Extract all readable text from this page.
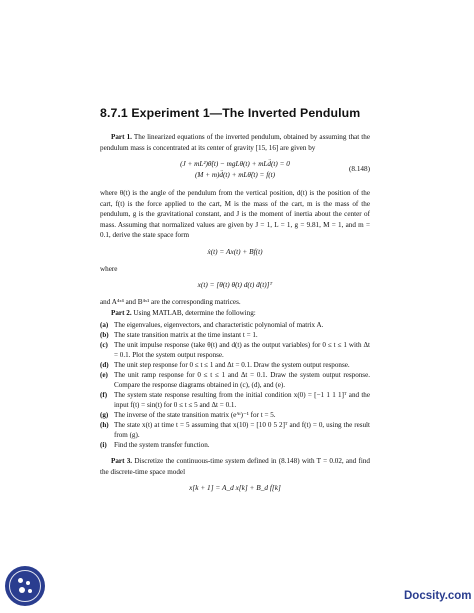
8.7.1 Experiment 1—The Inverted Pendulum

Part 1. The linearized equations of the inverted pendulum, obtained by assuming that the pendulum mass is concentrated at its center of gravity [15, 16] are given by

(J + mL²)θ̈(t) − mgLθ(t) + mLd̈(t) = 0
(M + m)d̈(t) + mLθ̈(t) = f(t)
(8.148)

where θ(t) is the angle of the pendulum from the vertical position, d(t) is the position of the cart, f(t) is the force applied to the cart, M is the mass of the cart, m is the mass of the pendulum, g is the gravitational constant, and J is the moment of inertia about the center of mass. Assuming that normalized values are given by J = 1, L = 1, g = 9.81, M = 1, and m = 0.1, derive the state space form

ẋ(t) = Ax(t) + Bf(t)

where

x(t) = [θ(t) θ̇(t) d(t) ḋ(t)]ᵀ

and A⁴ˣ⁴ and B⁴ˣ¹ are the corresponding matrices.

Part 2. Using MATLAB, determine the following:

(a) The eigenvalues, eigenvectors, and characteristic polynomial of matrix A.
(b) The state transition matrix at the time instant t = 1.
(c) The unit impulse response (take θ(t) and d(t) as the output variables) for 0 ≤ t ≤ 1 with Δt = 0.1. Plot the system output response.
(d) The unit step response for 0 ≤ t ≤ 1 and Δt = 0.1. Draw the system output response.
(e) The unit ramp response for 0 ≤ t ≤ 1 and Δt = 0.1. Draw the system output response. Compare the response diagrams obtained in (c), (d), and (e).
(f) The system state response resulting from the initial condition x(0) = [−1 1 1 1]ᵀ and the input f(t) = sin(t) for 0 ≤ t ≤ 5 and Δt = 0.1.
(g) The inverse of the state transition matrix (eᴬᵗ)⁻¹ for t = 5.
(h) The state x(t) at time t = 5 assuming that x(10) = [10 0 5 2]ᵀ and f(t) = 0, using the result from (g).
(i)	Find the system transfer function.

Part 3. Discretize the continuous-time system defined in (8.148) with T = 0.02, and find the discrete-time space model

x[k + 1] = A_d x[k] + B_d f[k]
Docsity.com
